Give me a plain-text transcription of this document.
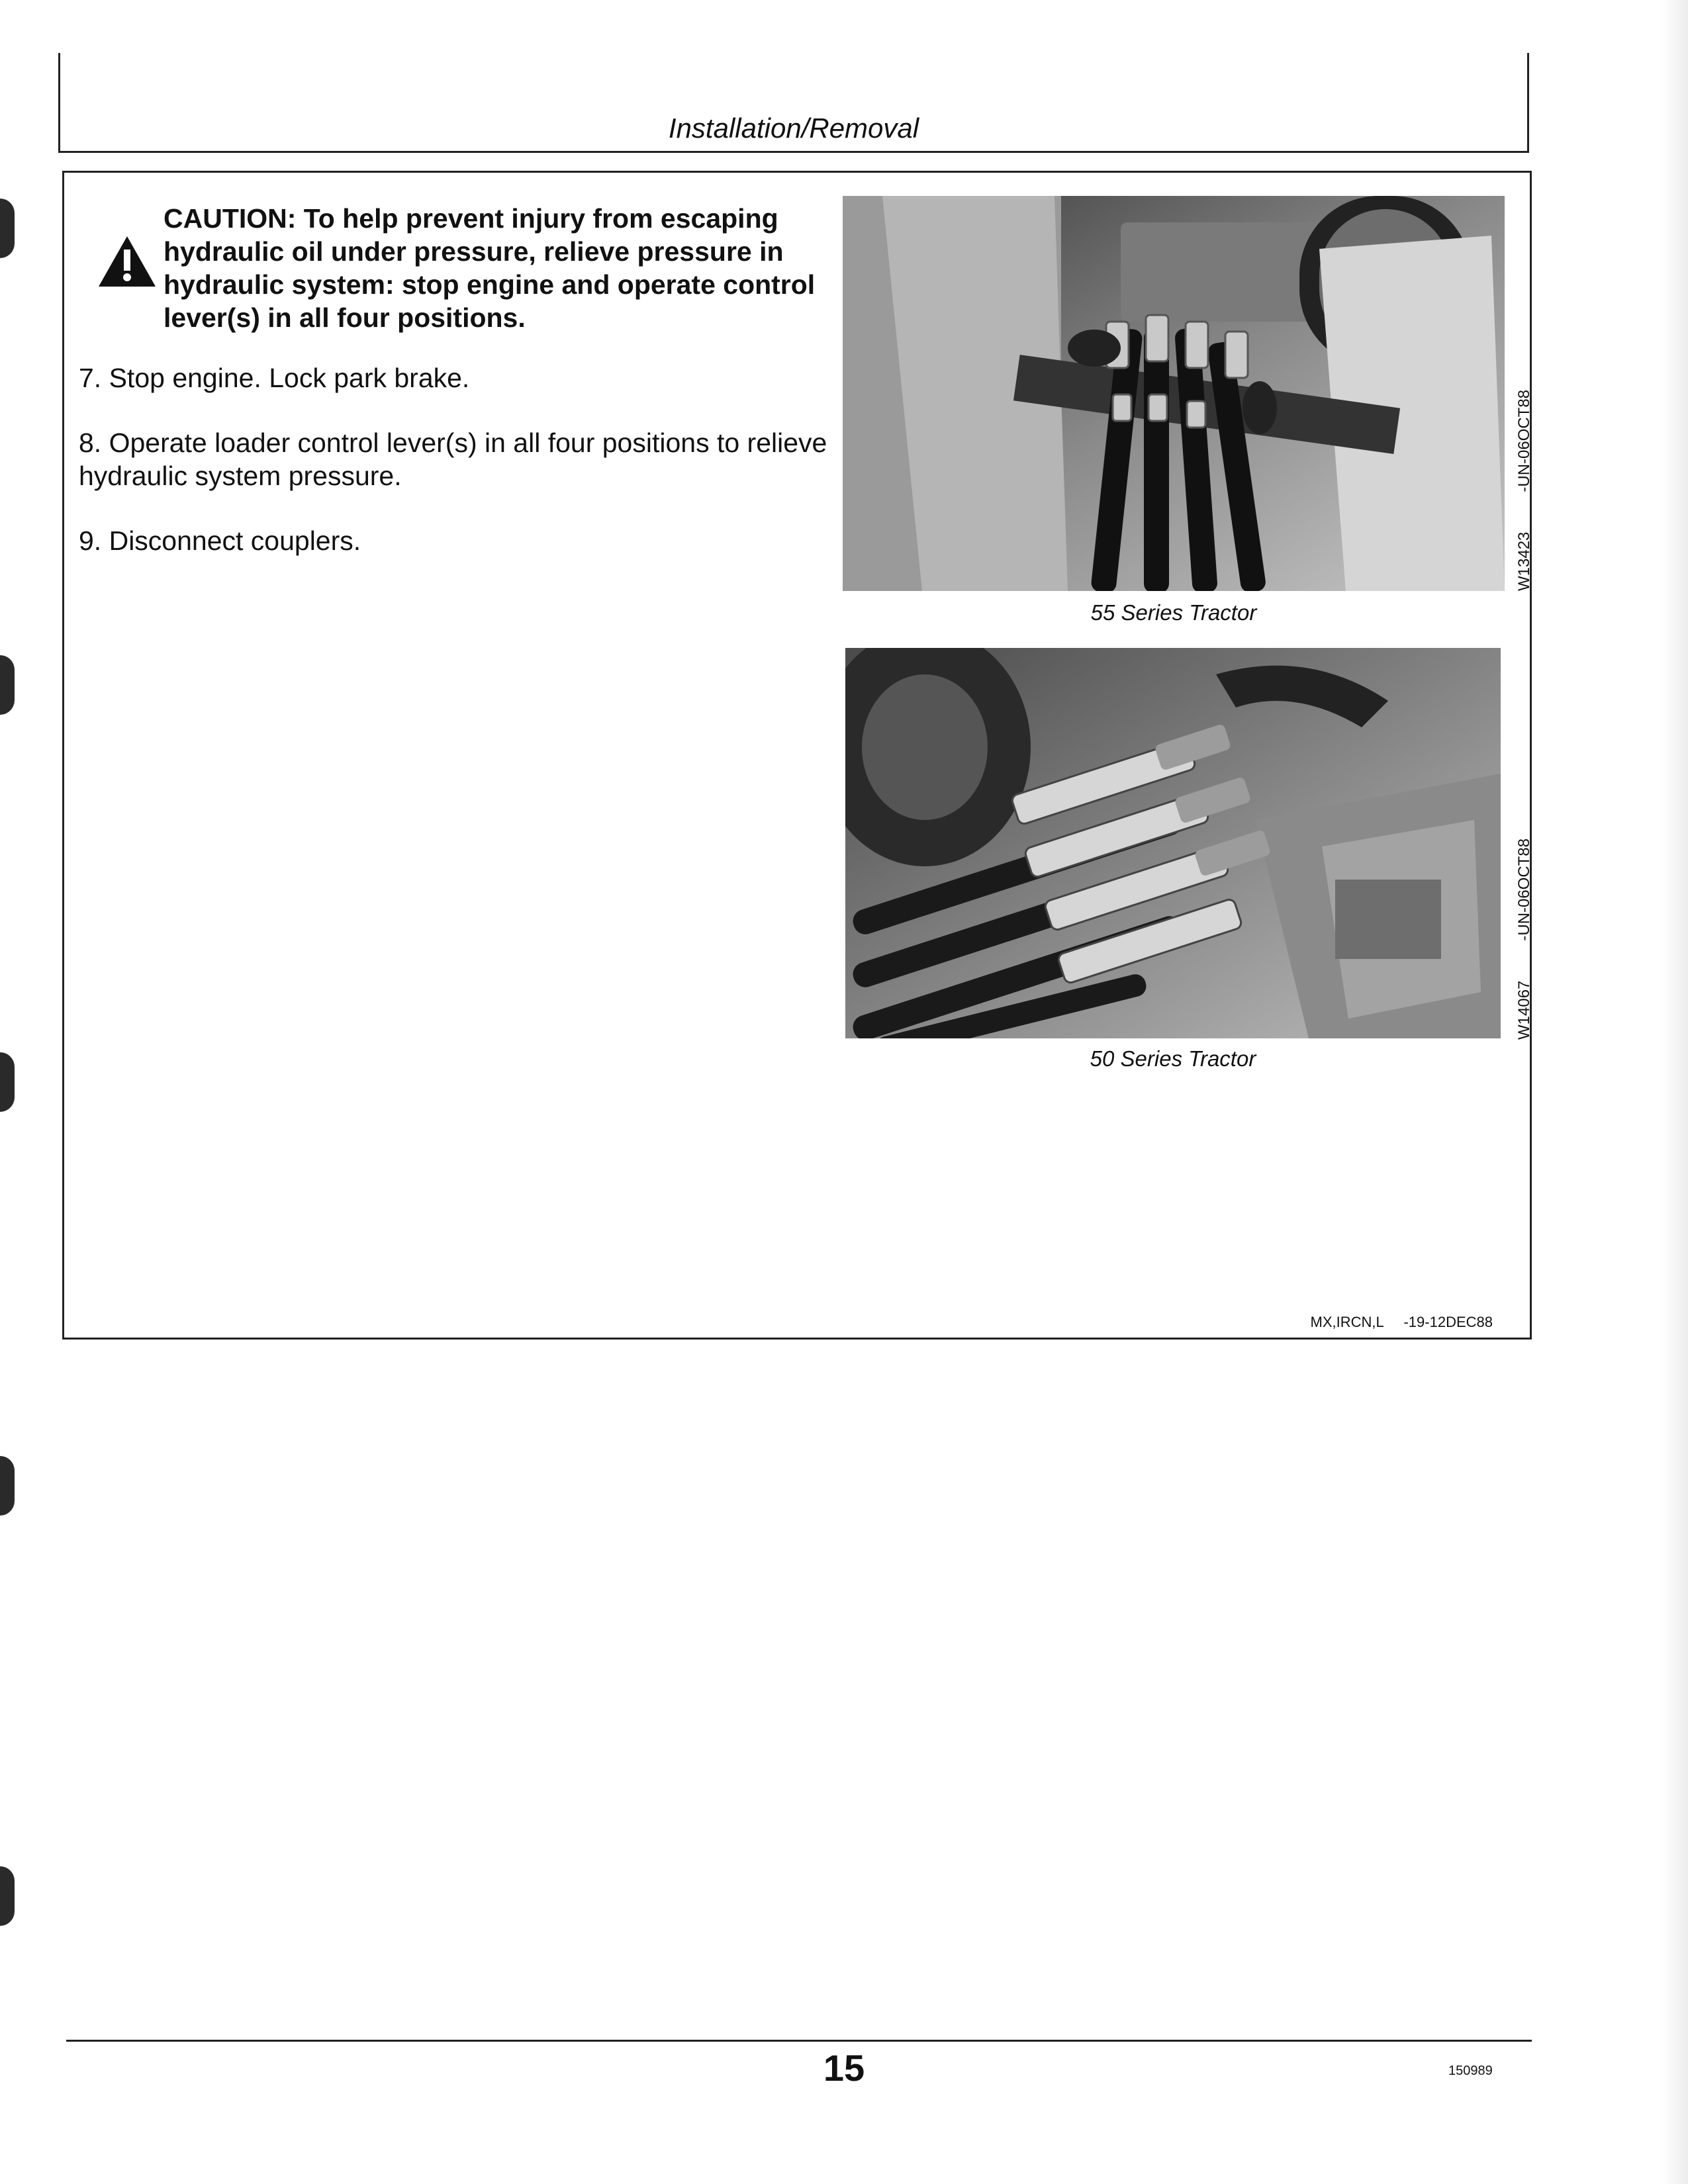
Installation/Removal
CAUTION: To help prevent injury from escaping hydraulic oil under pressure, relieve pressure in hydraulic system: stop engine and operate control lever(s) in all four positions.
7. Stop engine. Lock park brake.
8. Operate loader control lever(s) in all four positions to relieve hydraulic system pressure.
9. Disconnect couplers.
55 Series Tractor
W13423-UN-06OCT88
50 Series Tractor
W14067-UN-06OCT88
MX,IRCN,L -19-12DEC88
15	150989
